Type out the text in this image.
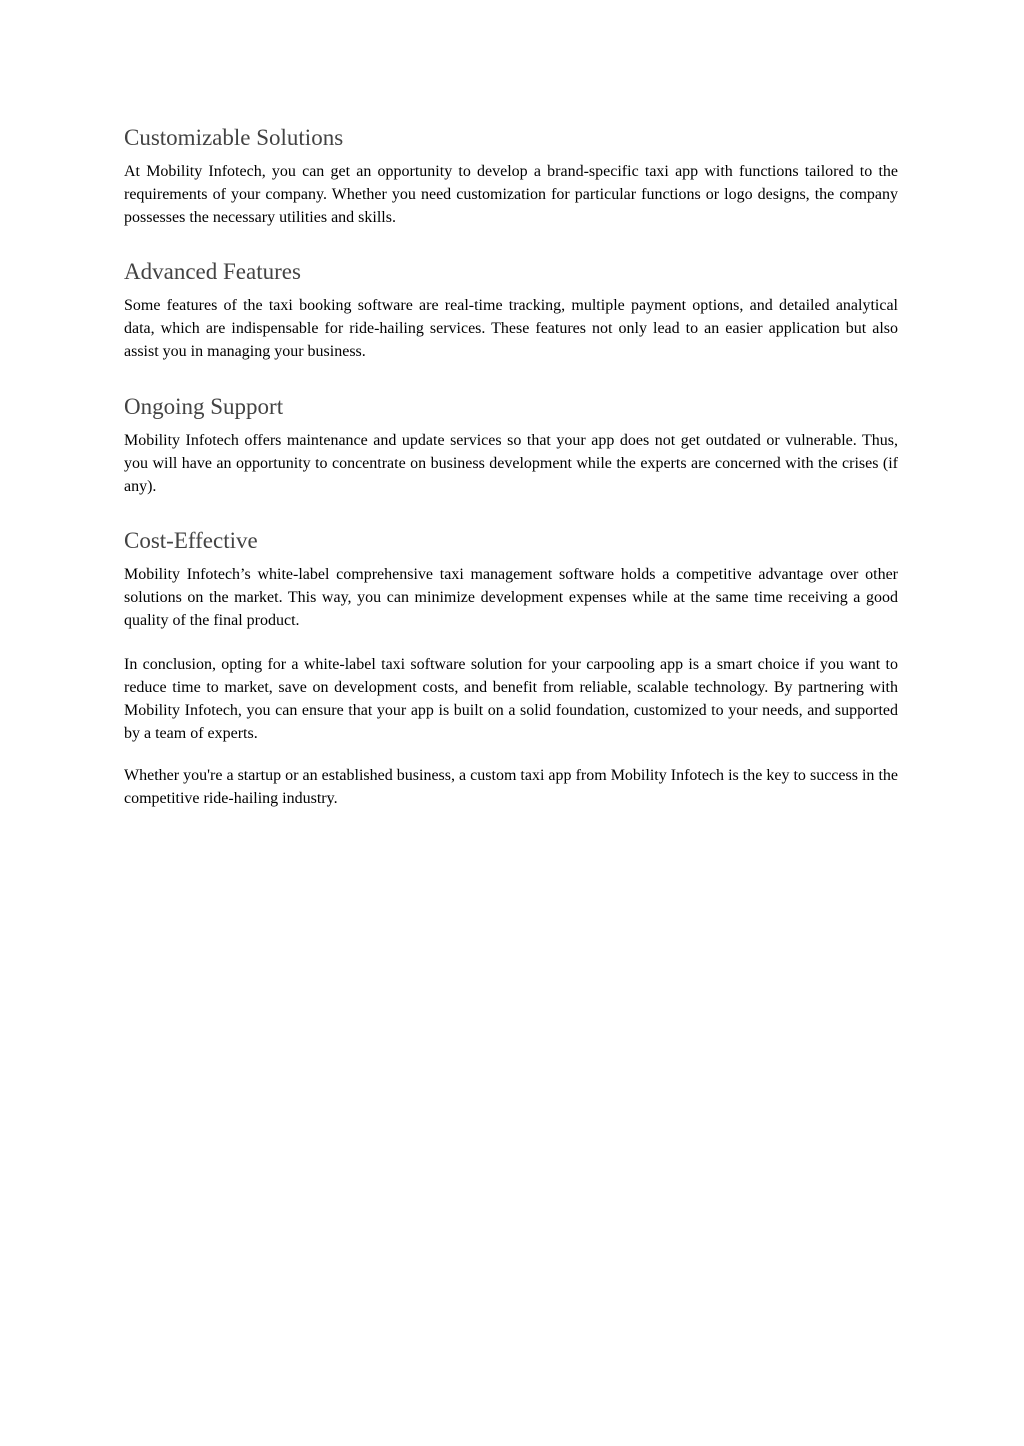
Customizable Solutions

At Mobility Infotech, you can get an opportunity to develop a brand-specific taxi app with functions tailored to the requirements of your company. Whether you need customization for particular functions or logo designs, the company possesses the necessary utilities and skills.

Advanced Features

Some features of the taxi booking software are real-time tracking, multiple payment options, and detailed analytical data, which are indispensable for ride-hailing services. These features not only lead to an easier application but also assist you in managing your business.

Ongoing Support

Mobility Infotech offers maintenance and update services so that your app does not get outdated or vulnerable. Thus, you will have an opportunity to concentrate on business development while the experts are concerned with the crises (if any).

Cost-Effective

Mobility Infotech’s white-label comprehensive taxi management software holds a competitive advantage over other solutions on the market. This way, you can minimize development expenses while at the same time receiving a good quality of the final product.

In conclusion, opting for a white-label taxi software solution for your carpooling app is a smart choice if you want to reduce time to market, save on development costs, and benefit from reliable, scalable technology. By partnering with Mobility Infotech, you can ensure that your app is built on a solid foundation, customized to your needs, and supported by a team of experts.

Whether you're a startup or an established business, a custom taxi app from Mobility Infotech is the key to success in the competitive ride-hailing industry.
